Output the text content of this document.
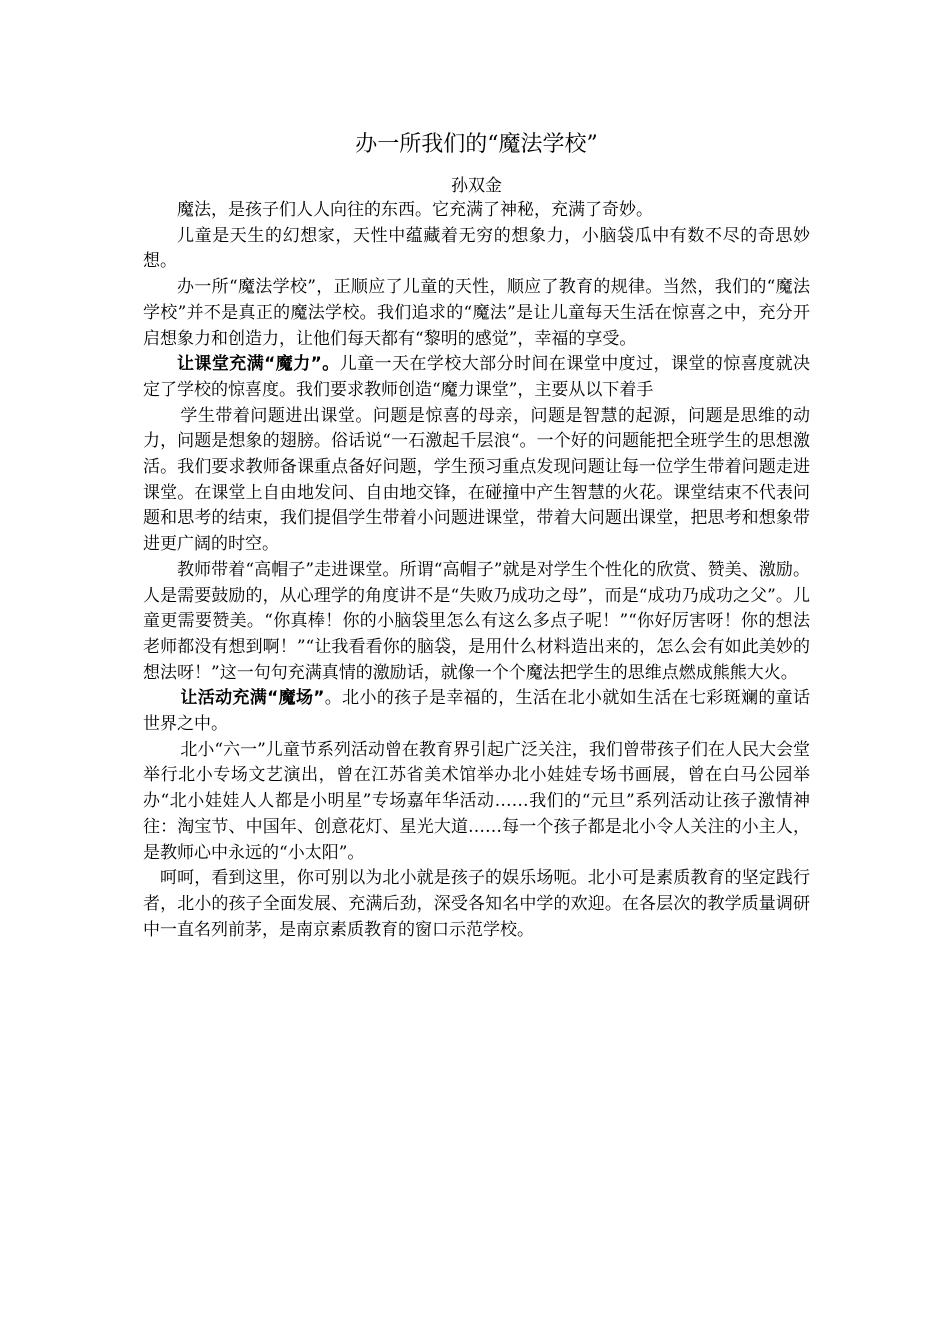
办一所我们的“魔法学校”
孙双金

魔法，是孩子们人人向往的东西。它充满了神秘，充满了奇妙。

儿童是天生的幻想家，天性中蕴藏着无穷的想象力，小脑袋瓜中有数不尽的奇思妙想。

办一所“魔法学校”，正顺应了儿童的天性，顺应了教育的规律。当然，我们的“魔法学校”并不是真正的魔法学校。我们追求的“魔法”是让儿童每天生活在惊喜之中，充分开启想象力和创造力，让他们每天都有“黎明的感觉”，幸福的享受。

让课堂充满“魔力”。儿童一天在学校大部分时间在课堂中度过，课堂的惊喜度就决定了学校的惊喜度。我们要求教师创造“魔力课堂”，主要从以下着手

学生带着问题进出课堂。问题是惊喜的母亲，问题是智慧的起源，问题是思维的动力，问题是想象的翅膀。俗话说“一石激起千层浪“。一个好的问题能把全班学生的思想激活。我们要求教师备课重点备好问题，学生预习重点发现问题让每一位学生带着问题走进课堂。在课堂上自由地发问、自由地交锋，在碰撞中产生智慧的火花。课堂结束不代表问题和思考的结束，我们提倡学生带着小问题进课堂，带着大问题出课堂，把思考和想象带进更广阔的时空。

教师带着“高帽子”走进课堂。所谓“高帽子”就是对学生个性化的欣赏、赞美、激励。人是需要鼓励的，从心理学的角度讲不是“失败乃成功之母”，而是“成功乃成功之父”。儿童更需要赞美。“你真棒！你的小脑袋里怎么有这么多点子呢！”“你好厉害呀！你的想法老师都没有想到啊！”“让我看看你的脑袋，是用什么材料造出来的，怎么会有如此美妙的想法呀！”这一句句充满真情的激励话，就像一个个魔法把学生的思维点燃成熊熊大火。

让活动充满“魔场”。北小的孩子是幸福的，生活在北小就如生活在七彩斑斓的童话世界之中。

北小“六一”儿童节系列活动曾在教育界引起广泛关注，我们曾带孩子们在人民大会堂举行北小专场文艺演出，曾在江苏省美术馆举办北小娃娃专场书画展，曾在白马公园举办“北小娃娃人人都是小明星”专场嘉年华活动……我们的“元旦”系列活动让孩子激情神往：淘宝节、中国年、创意花灯、星光大道……每一个孩子都是北小令人关注的小主人，是教师心中永远的“小太阳”。

呵呵，看到这里，你可别以为北小就是孩子的娱乐场呃。北小可是素质教育的坚定践行者，北小的孩子全面发展、充满后劲，深受各知名中学的欢迎。在各层次的教学质量调研中一直名列前茅，是南京素质教育的窗口示范学校。
